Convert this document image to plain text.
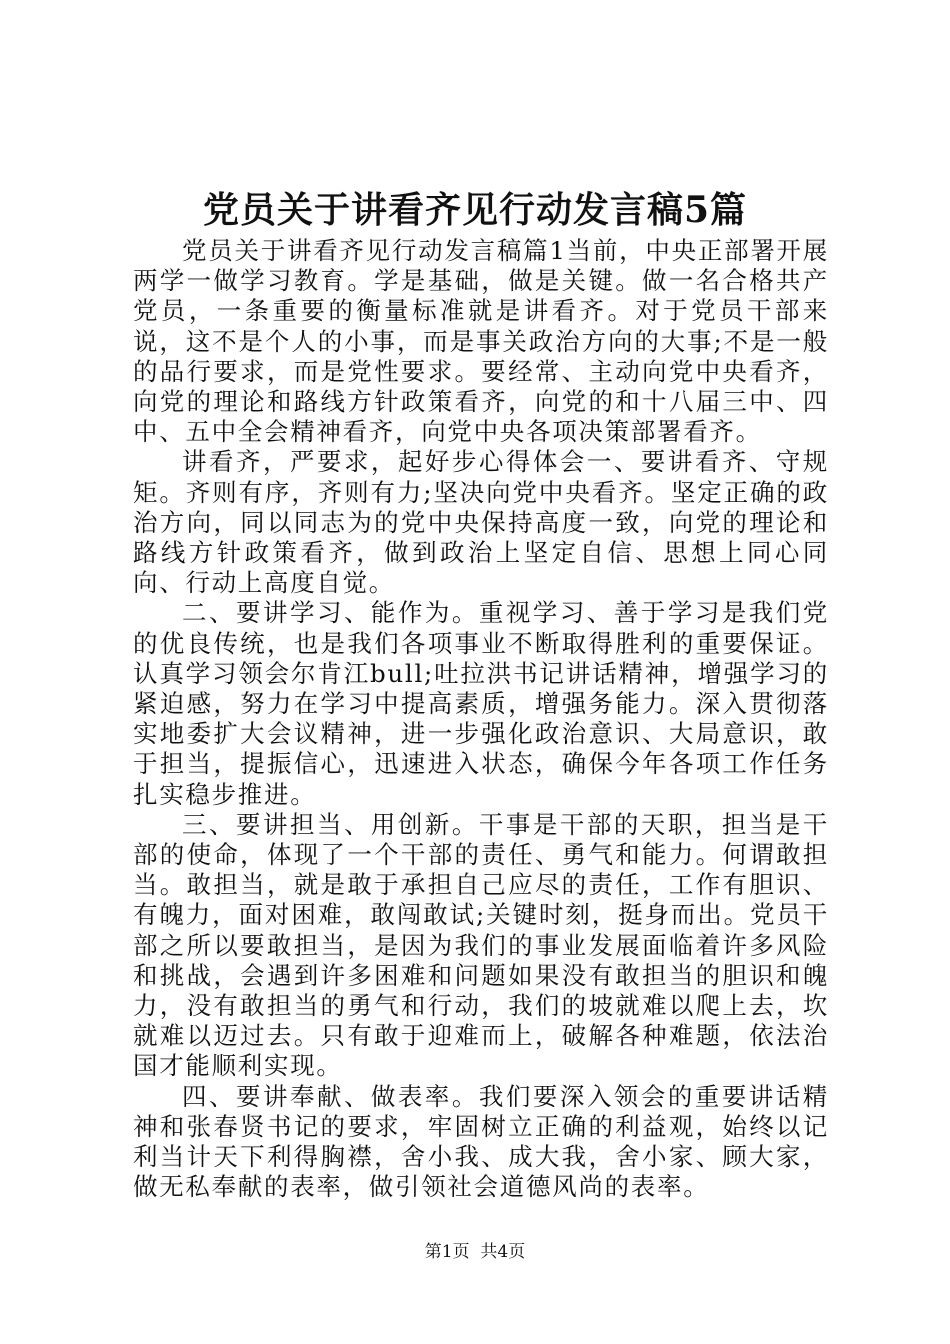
党员关于讲看齐见行动发言稿5篇

党员关于讲看齐见行动发言稿篇1当前，中央正部署开展两学一做学习教育。学是基础，做是关键。做一名合格共产党员，一条重要的衡量标准就是讲看齐。对于党员干部来说，这不是个人的小事，而是事关政治方向的大事;不是一般的品行要求，而是党性要求。要经常、主动向党中央看齐，向党的理论和路线方针政策看齐，向党的和十八届三中、四中、五中全会精神看齐，向党中央各项决策部署看齐。

讲看齐，严要求，起好步心得体会一、要讲看齐、守规矩。齐则有序，齐则有力;坚决向党中央看齐。坚定正确的政治方向，同以同志为的党中央保持高度一致，向党的理论和路线方针政策看齐，做到政治上坚定自信、思想上同心同向、行动上高度自觉。

二、要讲学习、能作为。重视学习、善于学习是我们党的优良传统，也是我们各项事业不断取得胜利的重要保证。认真学习领会尔肯江bull;吐拉洪书记讲话精神，增强学习的紧迫感，努力在学习中提高素质，增强务能力。深入贯彻落实地委扩大会议精神，进一步强化政治意识、大局意识，敢于担当，提振信心，迅速进入状态，确保今年各项工作任务扎实稳步推进。

三、要讲担当、用创新。干事是干部的天职，担当是干部的使命，体现了一个干部的责任、勇气和能力。何谓敢担当。敢担当，就是敢于承担自己应尽的责任，工作有胆识、有魄力，面对困难，敢闯敢试;关键时刻，挺身而出。党员干部之所以要敢担当，是因为我们的事业发展面临着许多风险和挑战，会遇到许多困难和问题如果没有敢担当的胆识和魄力，没有敢担当的勇气和行动，我们的坡就难以爬上去，坎就难以迈过去。只有敢于迎难而上，破解各种难题，依法治国才能顺利实现。

四、要讲奉献、做表率。我们要深入领会的重要讲话精神和张春贤书记的要求，牢固树立正确的利益观，始终以记利当计天下利得胸襟，舍小我、成大我，舍小家、顾大家，做无私奉献的表率，做引领社会道德风尚的表率。

第1页 共4页
